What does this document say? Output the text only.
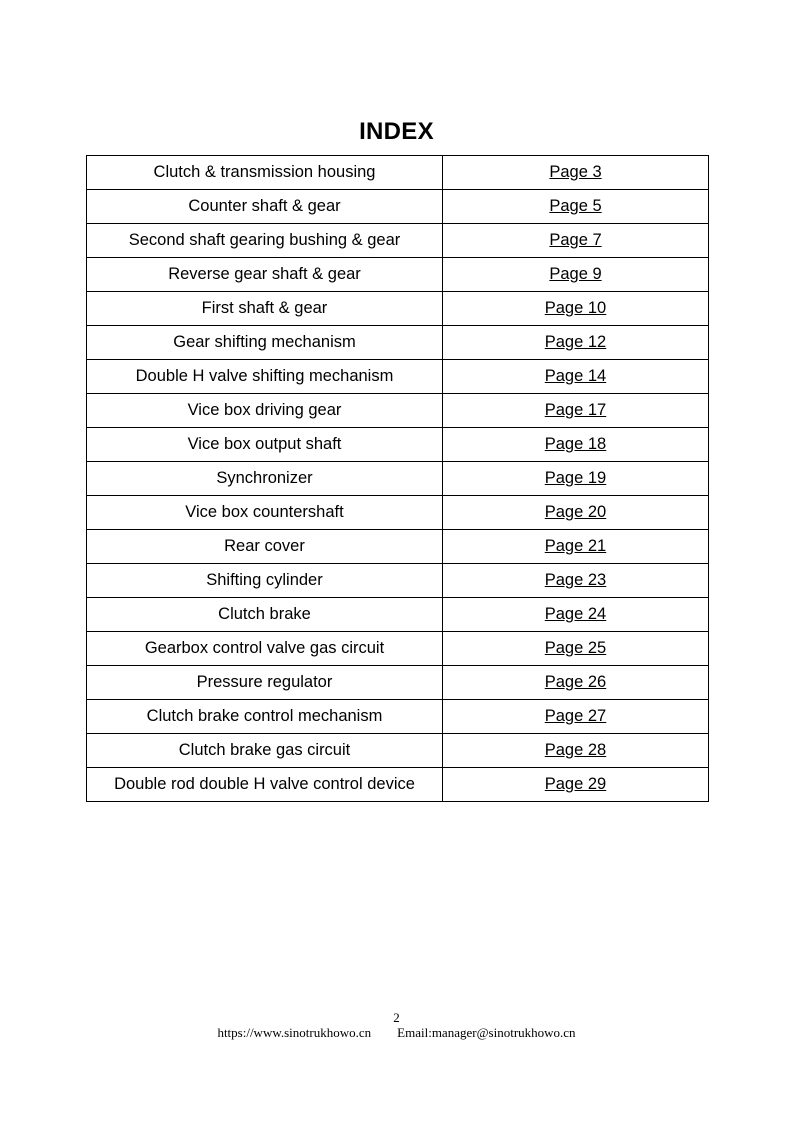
INDEX
Clutch & transmission housing	Page 3
Counter shaft & gear	Page 5
Second shaft gearing bushing & gear	Page 7
Reverse gear shaft & gear	Page 9
First shaft & gear	Page 10
Gear shifting mechanism	Page 12
Double H valve shifting mechanism	Page 14
Vice box driving gear	Page 17
Vice box output shaft	Page 18
Synchronizer	Page 19
Vice box countershaft	Page 20
Rear cover	Page 21
Shifting cylinder	Page 23
Clutch brake	Page 24
Gearbox control valve gas circuit	Page 25
Pressure regulator	Page 26
Clutch brake control mechanism	Page 27
Clutch brake gas circuit	Page 28
Double rod double H valve control device	Page 29
2
https://www.sinotrukhowo.cn Email:manager@sinotrukhowo.cn
